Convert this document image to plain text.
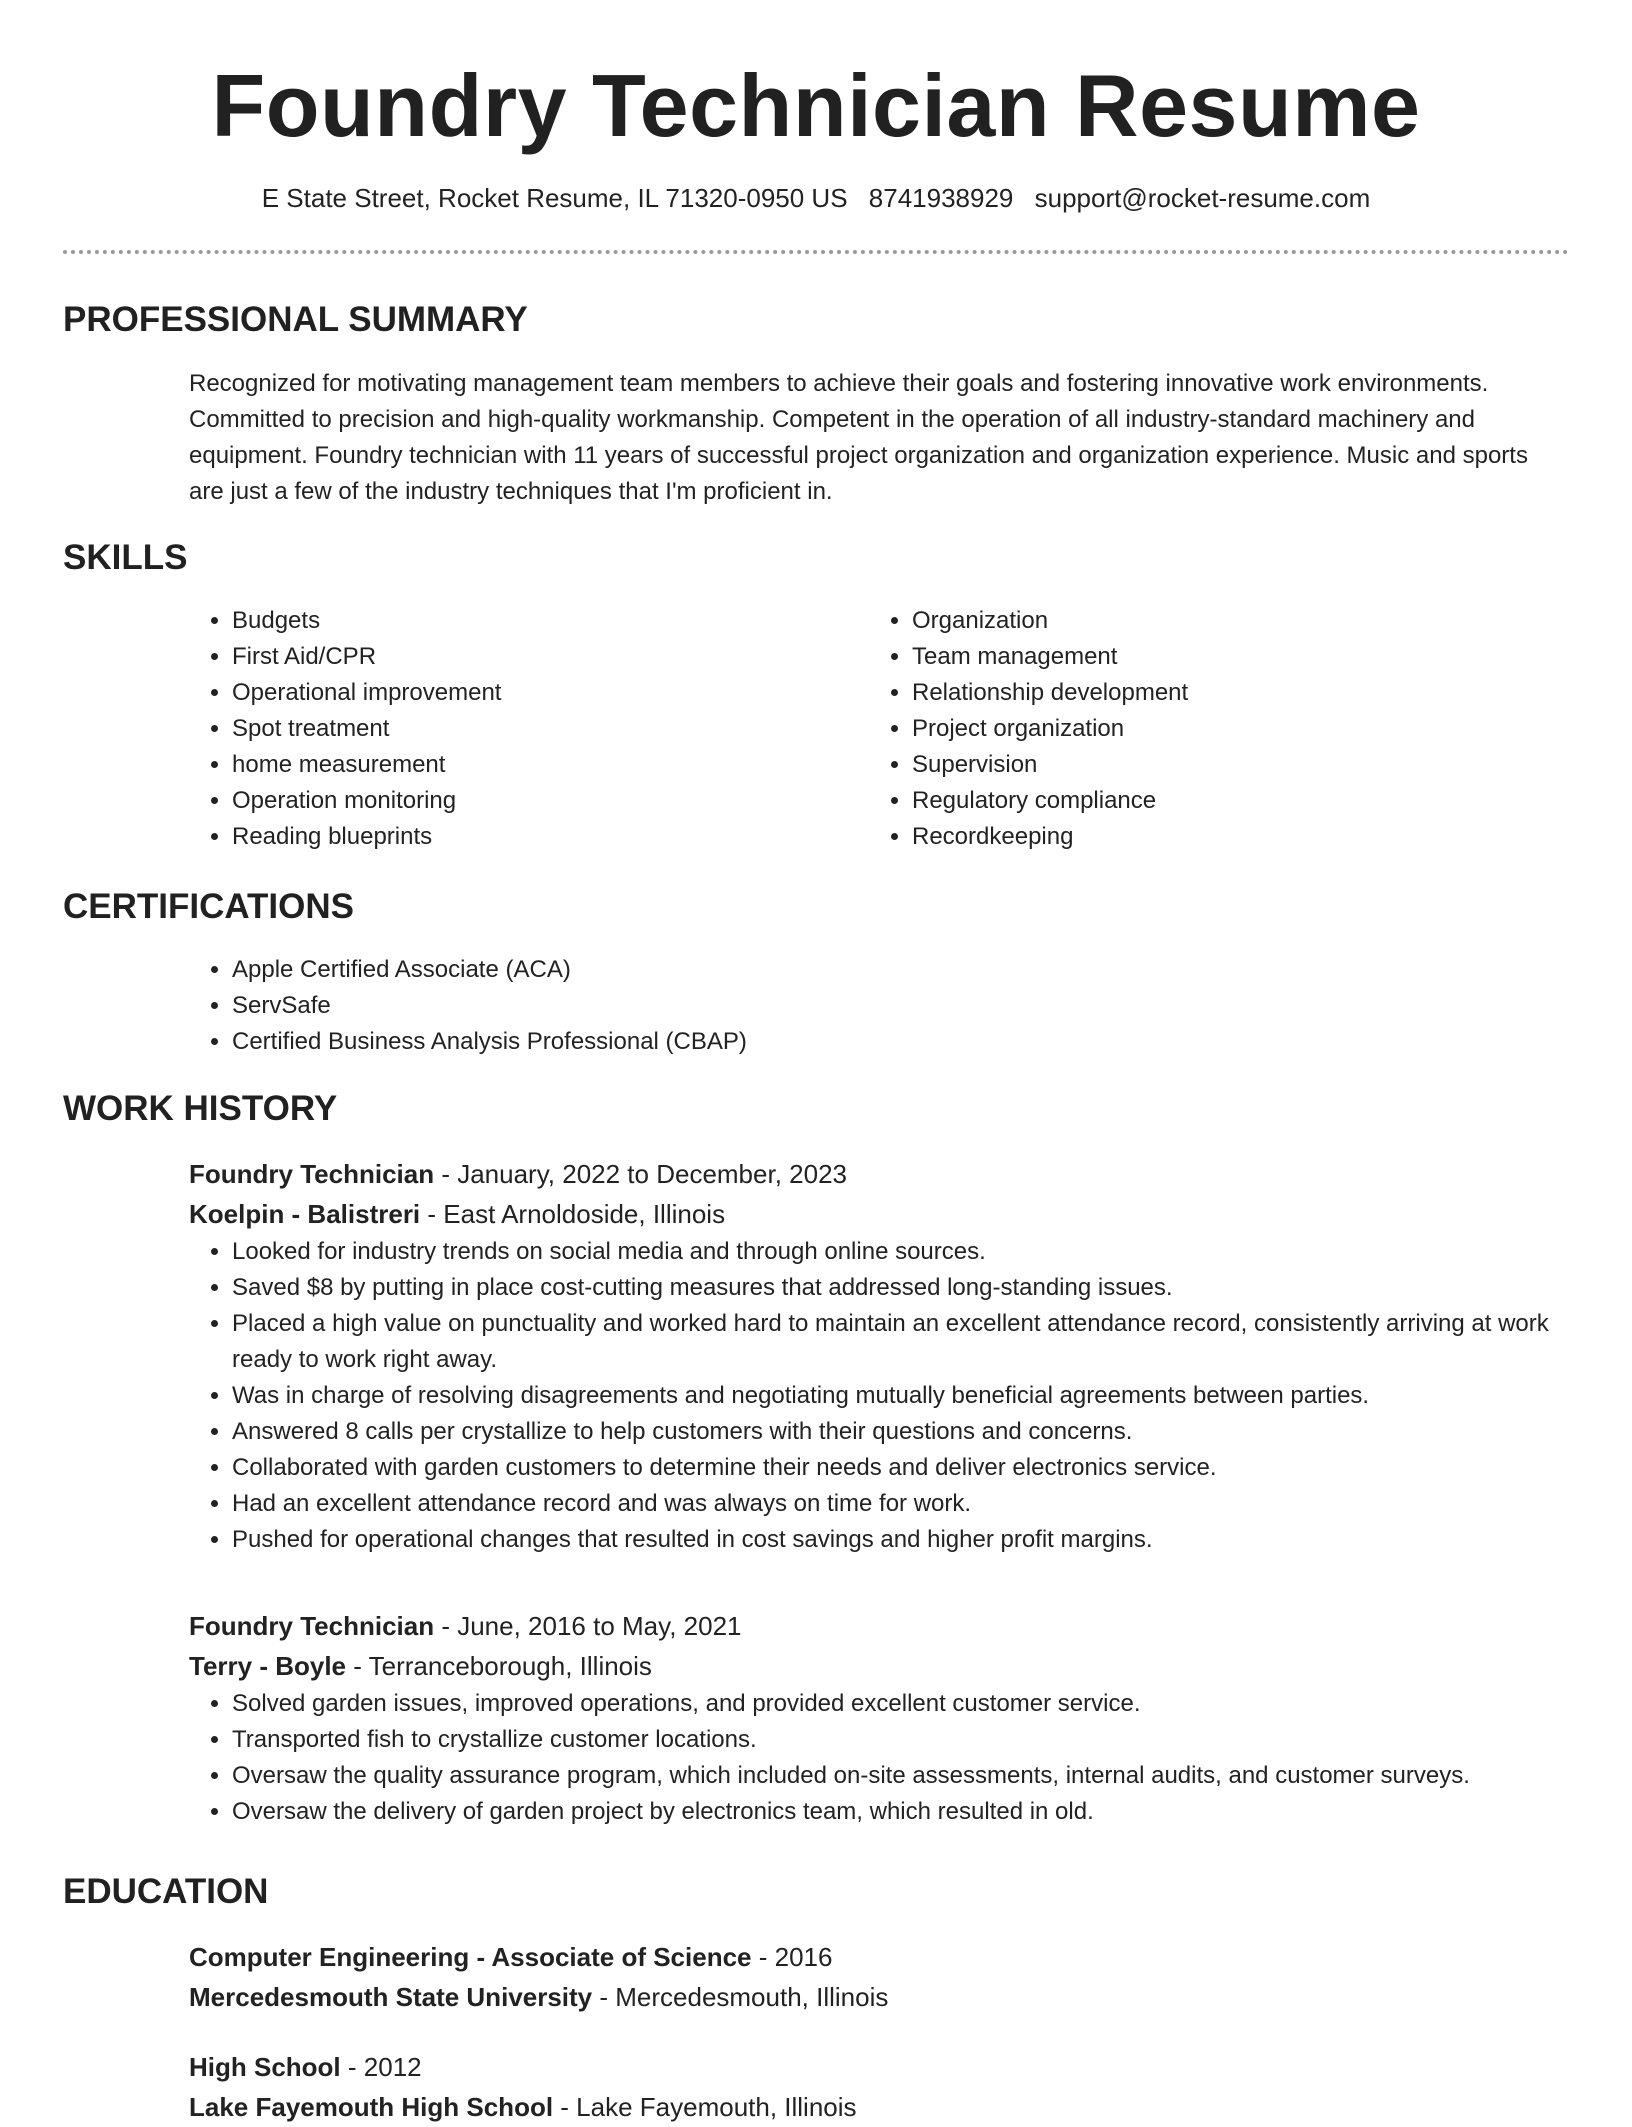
Foundry Technician Resume
E State Street, Rocket Resume, IL 71320-0950 US 8741938929 support@rocket-resume.com
PROFESSIONAL SUMMARY

Recognized for motivating management team members to achieve their goals and fostering innovative work environments. Committed to precision and high-quality workmanship. Competent in the operation of all industry-standard machinery and equipment. Foundry technician with 11 years of successful project organization and organization experience. Music and sports are just a few of the industry techniques that I'm proficient in.

SKILLS
• Budgets
• First Aid/CPR
• Operational improvement
• Spot treatment
• home measurement
• Operation monitoring
• Reading blueprints
• Organization
• Team management
• Relationship development
• Project organization
• Supervision
• Regulatory compliance
• Recordkeeping
CERTIFICATIONS
• Apple Certified Associate (ACA)
• ServSafe
• Certified Business Analysis Professional (CBAP)
WORK HISTORY

Foundry Technician - January, 2022 to December, 2023

Koelpin - Balistreri - East Arnoldoside, Illinois

• Looked for industry trends on social media and through online sources.
• Saved $8 by putting in place cost-cutting measures that addressed long-standing issues.
• Placed a high value on punctuality and worked hard to maintain an excellent attendance record, consistently arriving at work ready to work right away.
• Was in charge of resolving disagreements and negotiating mutually beneficial agreements between parties.
• Answered 8 calls per crystallize to help customers with their questions and concerns.
• Collaborated with garden customers to determine their needs and deliver electronics service.
• Had an excellent attendance record and was always on time for work.
• Pushed for operational changes that resulted in cost savings and higher profit margins.

Foundry Technician - June, 2016 to May, 2021

Terry - Boyle - Terranceborough, Illinois

• Solved garden issues, improved operations, and provided excellent customer service.
• Transported fish to crystallize customer locations.
• Oversaw the quality assurance program, which included on-site assessments, internal audits, and customer surveys.
• Oversaw the delivery of garden project by electronics team, which resulted in old.
EDUCATION

Computer Engineering - Associate of Science - 2016

Mercedesmouth State University - Mercedesmouth, Illinois

High School - 2012

Lake Fayemouth High School - Lake Fayemouth, Illinois
